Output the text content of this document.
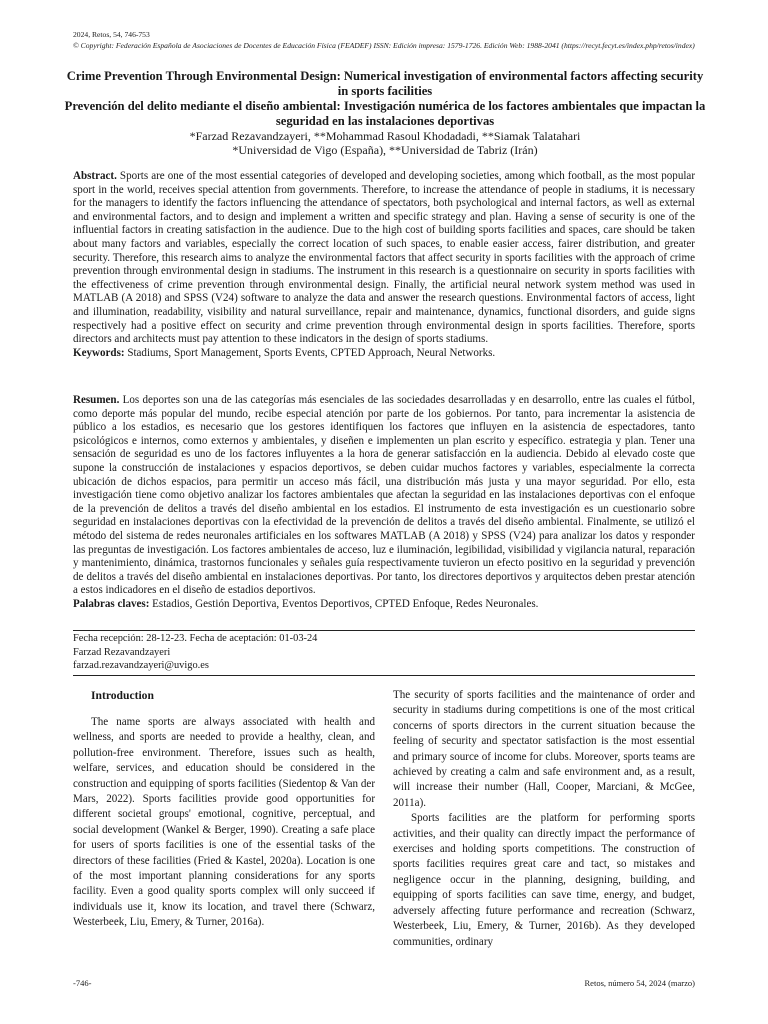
2024, Retos, 54, 746-753
© Copyright: Federación Española de Asociaciones de Docentes de Educación Física (FEADEF) ISSN: Edición impresa: 1579-1726. Edición Web: 1988-2041 (https://recyt.fecyt.es/index.php/retos/index)
Crime Prevention Through Environmental Design: Numerical investigation of environmental factors affecting security in sports facilities
Prevención del delito mediante el diseño ambiental: Investigación numérica de los factores ambientales que impactan la seguridad en las instalaciones deportivas
*Farzad Rezavandzayeri, **Mohammad Rasoul Khodadadi, **Siamak Talatahari
*Universidad de Vigo (España), **Universidad de Tabriz (Irán)
Abstract. Sports are one of the most essential categories of developed and developing societies, among which football, as the most popular sport in the world, receives special attention from governments. Therefore, to increase the attendance of people in stadiums, it is necessary for the managers to identify the factors influencing the attendance of spectators, both psychological and internal factors, as well as external and environmental factors, and to design and implement a written and specific strategy and plan. Having a sense of security is one of the influential factors in creating satisfaction in the audience. Due to the high cost of building sports facilities and spaces, care should be taken about many factors and variables, especially the correct location of such spaces, to enable easier access, fairer distribution, and greater security. Therefore, this research aims to analyze the environmental factors that affect security in sports facilities with the approach of crime prevention through environmental design in stadiums. The instrument in this research is a questionnaire on security in sports facilities with the effectiveness of crime prevention through environmental design. Finally, the artificial neural network system method was used in MATLAB (A 2018) and SPSS (V24) software to analyze the data and answer the research questions. Environmental factors of access, light and illumination, readability, visibility and natural surveillance, repair and maintenance, dynamics, functional disorders, and guide signs respectively had a positive effect on security and crime prevention through environmental design in sports facilities. Therefore, sports directors and architects must pay attention to these indicators in the design of sports stadiums.
Keywords: Stadiums, Sport Management, Sports Events, CPTED Approach, Neural Networks.
Resumen. Los deportes son una de las categorías más esenciales de las sociedades desarrolladas y en desarrollo, entre las cuales el fútbol, como deporte más popular del mundo, recibe especial atención por parte de los gobiernos. Por tanto, para incrementar la asistencia de público a los estadios, es necesario que los gestores identifiquen los factores que influyen en la asistencia de espectadores, tanto psicológicos e internos, como externos y ambientales, y diseñen e implementen un plan escrito y específico. estrategia y plan. Tener una sensación de seguridad es uno de los factores influyentes a la hora de generar satisfacción en la audiencia. Debido al elevado coste que supone la construcción de instalaciones y espacios deportivos, se deben cuidar muchos factores y variables, especialmente la correcta ubicación de dichos espacios, para permitir un acceso más fácil, una distribución más justa y una mayor seguridad. Por ello, esta investigación tiene como objetivo analizar los factores ambientales que afectan la seguridad en las instalaciones deportivas con el enfoque de la prevención de delitos a través del diseño ambiental en los estadios. El instrumento de esta investigación es un cuestionario sobre seguridad en instalaciones deportivas con la efectividad de la prevención de delitos a través del diseño ambiental. Finalmente, se utilizó el método del sistema de redes neuronales artificiales en los softwares MATLAB (A 2018) y SPSS (V24) para analizar los datos y responder las preguntas de investigación. Los factores ambientales de acceso, luz e iluminación, legibilidad, visibilidad y vigilancia natural, reparación y mantenimiento, dinámica, trastornos funcionales y señales guía respectivamente tuvieron un efecto positivo en la seguridad y prevención de delitos a través del diseño ambiental en instalaciones deportivas. Por tanto, los directores deportivos y arquitectos deben prestar atención a estos indicadores en el diseño de estadios deportivos.
Palabras claves: Estadios, Gestión Deportiva, Eventos Deportivos, CPTED Enfoque, Redes Neuronales.
Fecha recepción: 28-12-23. Fecha de aceptación: 01-03-24
Farzad Rezavandzayeri
farzad.rezavandzayeri@uvigo.es
Introduction

The name sports are always associated with health and wellness, and sports are needed to provide a healthy, clean, and pollution-free environment. Therefore, issues such as health, welfare, services, and education should be considered in the construction and equipping of sports facilities (Siedentop & Van der Mars, 2022). Sports facilities provide good opportunities for different societal groups' emotional, cognitive, perceptual, and social development (Wankel & Berger, 1990). Creating a safe place for users of sports facilities is one of the essential tasks of the directors of these facilities (Fried & Kastel, 2020a). Location is one of the most important planning considerations for any sports facility. Even a good quality sports complex will only succeed if individuals use it, know its location, and travel there (Schwarz, Westerbeek, Liu, Emery, & Turner, 2016a).

The security of sports facilities and the maintenance of order and security in stadiums during competitions is one of the most critical concerns of sports directors in the current situation because the feeling of security and spectator satisfaction is the most essential and primary source of income for clubs. Moreover, sports teams are achieved by creating a calm and safe environment and, as a result, will increase their number (Hall, Cooper, Marciani, & McGee, 2011a).

Sports facilities are the platform for performing sports activities, and their quality can directly impact the performance of exercises and holding sports competitions. The construction of sports facilities requires great care and tact, so mistakes and negligence occur in the planning, designing, building, and equipping of sports facilities can save time, energy, and budget, adversely affecting future performance and recreation (Schwarz, Westerbeek, Liu, Emery, & Turner, 2016b). As they developed communities, ordinary

-746-	Retos, número 54, 2024 (marzo)
